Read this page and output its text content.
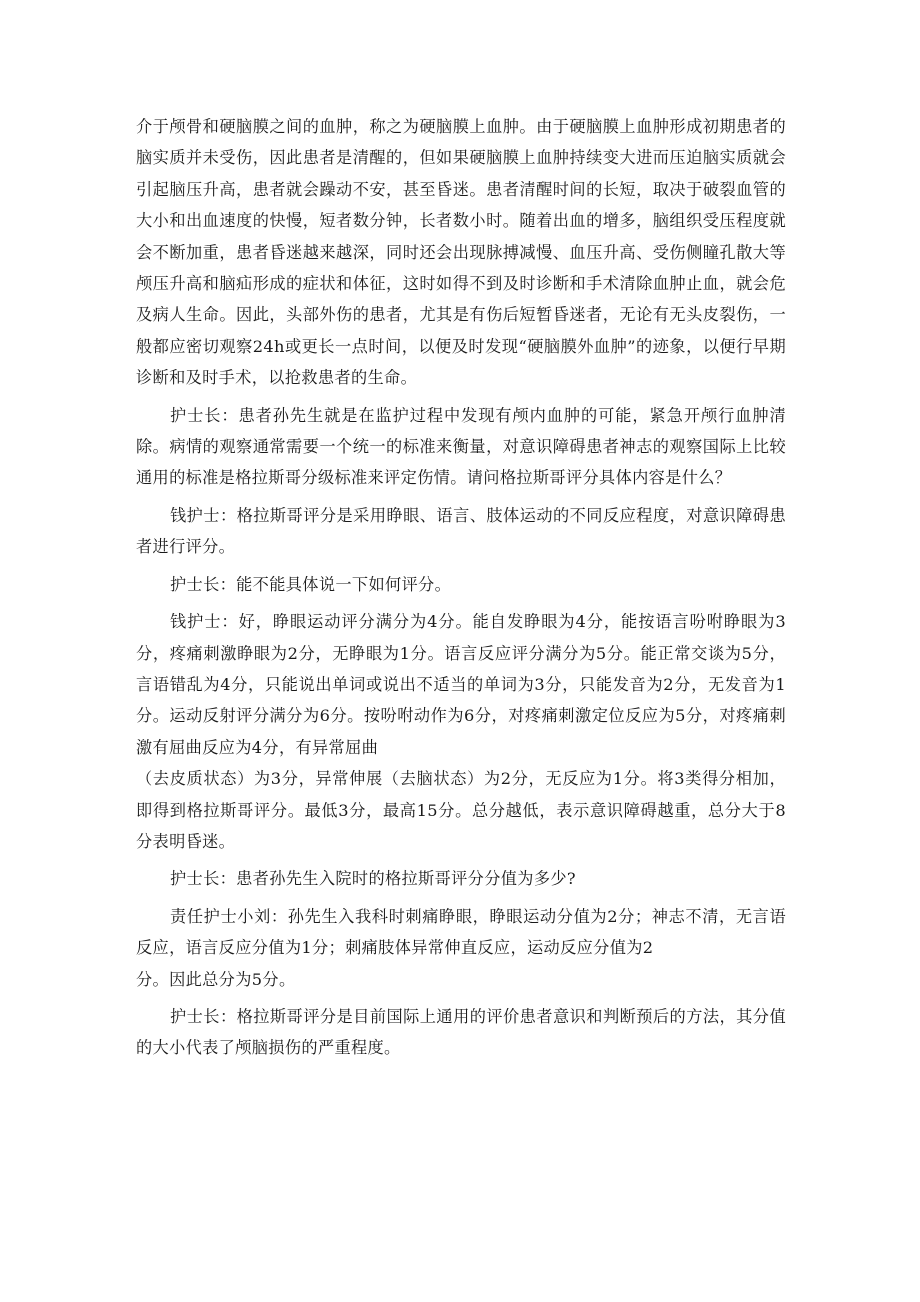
介于颅骨和硬脑膜之间的血肿，称之为硬脑膜上血肿。由于硬脑膜上血肿形成初期患者的脑实质并未受伤，因此患者是清醒的，但如果硬脑膜上血肿持续变大进而压迫脑实质就会引起脑压升高，患者就会躁动不安，甚至昏迷。患者清醒时间的长短，取决于破裂血管的大小和出血速度的快慢，短者数分钟，长者数小时。随着出血的增多，脑组织受压程度就会不断加重，患者昏迷越来越深，同时还会出现脉搏减慢、血压升高、受伤侧瞳孔散大等颅压升高和脑疝形成的症状和体征，这时如得不到及时诊断和手术清除血肿止血，就会危及病人生命。因此，头部外伤的患者，尤其是有伤后短暂昏迷者，无论有无头皮裂伤，一般都应密切观察24h或更长一点时间，以便及时发现“硬脑膜外血肿”的迹象，以便行早期诊断和及时手术，以抢救患者的生命。

护士长：患者孙先生就是在监护过程中发现有颅内血肿的可能，紧急开颅行血肿清除。病情的观察通常需要一个统一的标准来衡量，对意识障碍患者神志的观察国际上比较通用的标准是格拉斯哥分级标准来评定伤情。请问格拉斯哥评分具体内容是什么？

钱护士：格拉斯哥评分是采用睁眼、语言、肢体运动的不同反应程度，对意识障碍患者进行评分。

护士长：能不能具体说一下如何评分。

钱护士：好，睁眼运动评分满分为4分。能自发睁眼为4分，能按语言吩咐睁眼为3分，疼痛刺激睁眼为2分，无睁眼为1分。语言反应评分满分为5分。能正常交谈为5分，言语错乱为4分，只能说出单词或说出不适当的单词为3分，只能发音为2分，无发音为1分。运动反射评分满分为6分。按吩咐动作为6分，对疼痛刺激定位反应为5分，对疼痛刺激有屈曲反应为4分，有异常屈曲

（去皮质状态）为3分，异常伸展（去脑状态）为2分，无反应为1分。将3类得分相加，即得到格拉斯哥评分。最低3分，最高15分。总分越低，表示意识障碍越重，总分大于8分表明昏迷。

护士长：患者孙先生入院时的格拉斯哥评分分值为多少?

责任护士小刘：孙先生入我科时刺痛睁眼，睁眼运动分值为2分；神志不清，无言语反应，语言反应分值为1分；刺痛肢体异常伸直反应，运动反应分值为2

分。因此总分为5分。

护士长：格拉斯哥评分是目前国际上通用的评价患者意识和判断预后的方法，其分值的大小代表了颅脑损伤的严重程度。
